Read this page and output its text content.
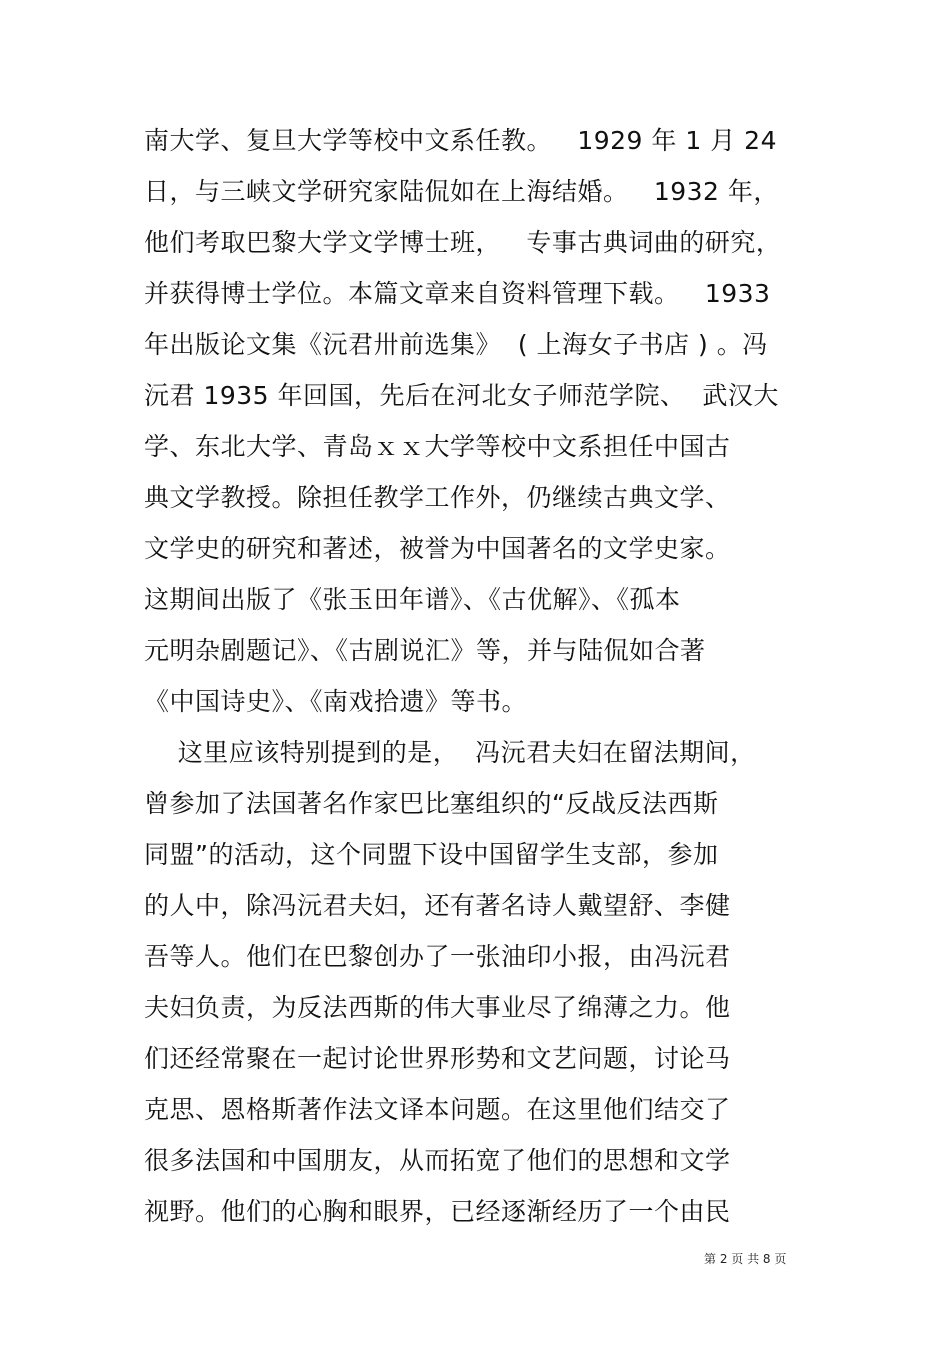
南大学、复旦大学等校中文系任教。   1929 年 1 月 24
日，与三峡文学研究家陆侃如在上海结婚。   1932 年，
他们考取巴黎大学文学博士班，   专事古典词曲的研究，
并获得博士学位。本篇文章来自资料管理下载。   1933
年出版论文集《沅君卅前选集》  ( 上海女子书店 ) 。冯
沅君 1935 年回国，先后在河北女子师范学院、  武汉大
学、东北大学、青岛ｘｘ大学等校中文系担任中国古
典文学教授。除担任教学工作外，仍继续古典文学、
文学史的研究和著述，被誉为中国著名的文学史家。
这期间出版了《张玉田年谱》、《古优解》、《孤本
元明杂剧题记》、《古剧说汇》等，并与陆侃如合著
《中国诗史》、《南戏拾遗》等书。
这里应该特别提到的是，  冯沅君夫妇在留法期间，
曾参加了法国著名作家巴比塞组织的“反战反法西斯
同盟”的活动，这个同盟下设中国留学生支部，参加
的人中，除冯沅君夫妇，还有著名诗人戴望舒、李健
吾等人。他们在巴黎创办了一张油印小报，由冯沅君
夫妇负责，为反法西斯的伟大事业尽了绵薄之力。他
们还经常聚在一起讨论世界形势和文艺问题，讨论马
克思、恩格斯著作法文译本问题。在这里他们结交了
很多法国和中国朋友，从而拓宽了他们的思想和文学
视野。他们的心胸和眼界，已经逐渐经历了一个由民
第 2 页 共 8 页
